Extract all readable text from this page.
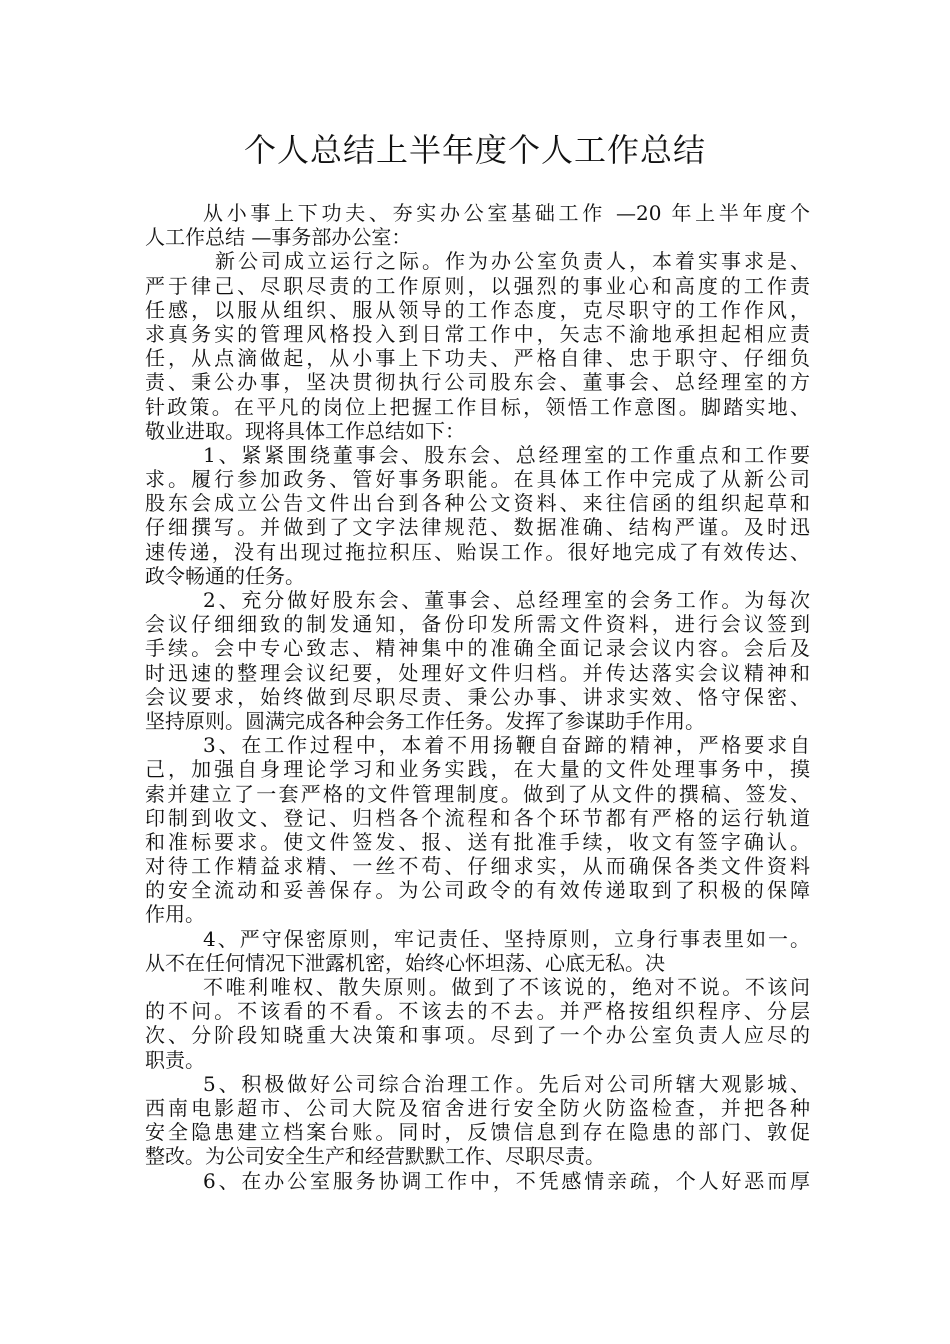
个人总结上半年度个人工作总结
从小事上下功夫、夯实办公室基础工作 —20 年上半年度个
人工作总结 —事务部办公室：
新公司成立运行之际。作为办公室负责人，本着实事求是、
严于律己、尽职尽责的工作原则，以强烈的事业心和高度的工作责
任感，以服从组织、服从领导的工作态度，克尽职守的工作作风，
求真务实的管理风格投入到日常工作中，矢志不渝地承担起相应责
任，从点滴做起，从小事上下功夫、严格自律、忠于职守、仔细负
责、秉公办事，坚决贯彻执行公司股东会、董事会、总经理室的方
针政策。在平凡的岗位上把握工作目标，领悟工作意图。脚踏实地、
敬业进取。现将具体工作总结如下：
1、紧紧围绕董事会、股东会、总经理室的工作重点和工作要
求。履行参加政务、管好事务职能。在具体工作中完成了从新公司
股东会成立公告文件出台到各种公文资料、来往信函的组织起草和
仔细撰写。并做到了文字法律规范、数据准确、结构严谨。及时迅
速传递，没有出现过拖拉积压、贻误工作。很好地完成了有效传达、
政令畅通的任务。
2、充分做好股东会、董事会、总经理室的会务工作。为每次
会议仔细细致的制发通知，备份印发所需文件资料，进行会议签到
手续。会中专心致志、精神集中的准确全面记录会议内容。会后及
时迅速的整理会议纪要，处理好文件归档。并传达落实会议精神和
会议要求，始终做到尽职尽责、秉公办事、讲求实效、恪守保密、
坚持原则。圆满完成各种会务工作任务。发挥了参谋助手作用。
3、在工作过程中，本着不用扬鞭自奋蹄的精神，严格要求自
己，加强自身理论学习和业务实践，在大量的文件处理事务中，摸
索并建立了一套严格的文件管理制度。做到了从文件的撰稿、签发、
印制到收文、登记、归档各个流程和各个环节都有严格的运行轨道
和准标要求。使文件签发、报、送有批准手续，收文有签字确认。
对待工作精益求精、一丝不苟、仔细求实，从而确保各类文件资料
的安全流动和妥善保存。为公司政令的有效传递取到了积极的保障
作用。
4、严守保密原则，牢记责任、坚持原则，立身行事表里如一。
从不在任何情况下泄露机密，始终心怀坦荡、心底无私。决
不唯利唯权、散失原则。做到了不该说的，绝对不说。不该问
的不问。不该看的不看。不该去的不去。并严格按组织程序、分层
次、分阶段知晓重大决策和事项。尽到了一个办公室负责人应尽的
职责。
5、积极做好公司综合治理工作。先后对公司所辖大观影城、
西南电影超市、公司大院及宿舍进行安全防火防盗检查，并把各种
安全隐患建立档案台账。同时，反馈信息到存在隐患的部门、敦促
整改。为公司安全生产和经营默默工作、尽职尽责。
6、在办公室服务协调工作中，不凭感情亲疏，个人好恶而厚
